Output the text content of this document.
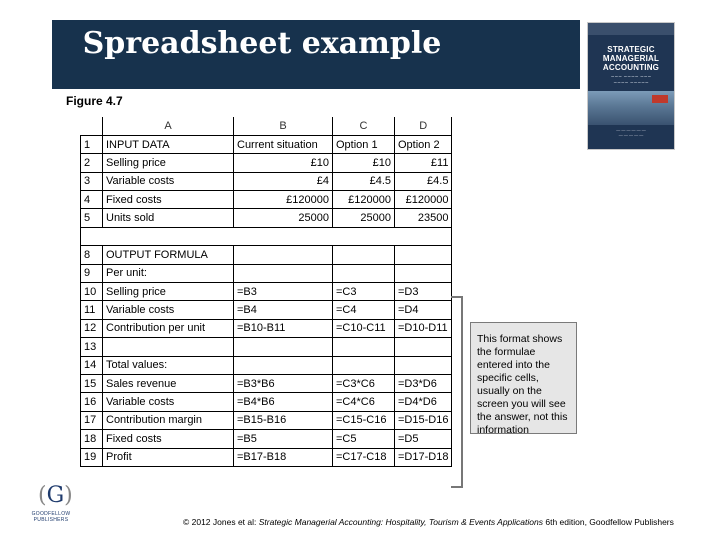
Spreadsheet example	STRATEGIC
MANAGERIAL
ACCOUNTING
~~~ ~~~~ ~~~
~~~~ ~~~~~
— — — — — —
— — — — —
Figure 4.7
	A	B	C	D
1	INPUT DATA	Current situation	Option 1	Option 2
2	Selling price	£10	£10	£11
3	Variable costs	£4	£4.5	£4.5
4	Fixed costs	£120000	£120000	£120000
5	Units sold	25000	25000	23500

8	OUTPUT FORMULA			
9	Per unit:			
10	Selling price	=B3	=C3	=D3
11	Variable costs	=B4	=C4	=D4
12	Contribution per unit	=B10-B11	=C10-C11	=D10-D11
13				
14	Total values:			
15	Sales revenue	=B3*B6	=C3*C6	=D3*D6
16	Variable costs	=B4*B6	=C4*C6	=D4*D6
17	Contribution margin	=B15-B16	=C15-C16	=D15-D16
18	Fixed costs	=B5	=C5	=D5
19	Profit	=B17-B18	=C17-C18	=D17-D18
This format shows the formulae entered into the specific cells, usually on the screen you will see the answer, not this information
(G)
GOODFELLOW
PUBLISHERS	© 2012 Jones et al: Strategic Managerial Accounting: Hospitality, Tourism & Events Applications 6th edition, Goodfellow Publishers
